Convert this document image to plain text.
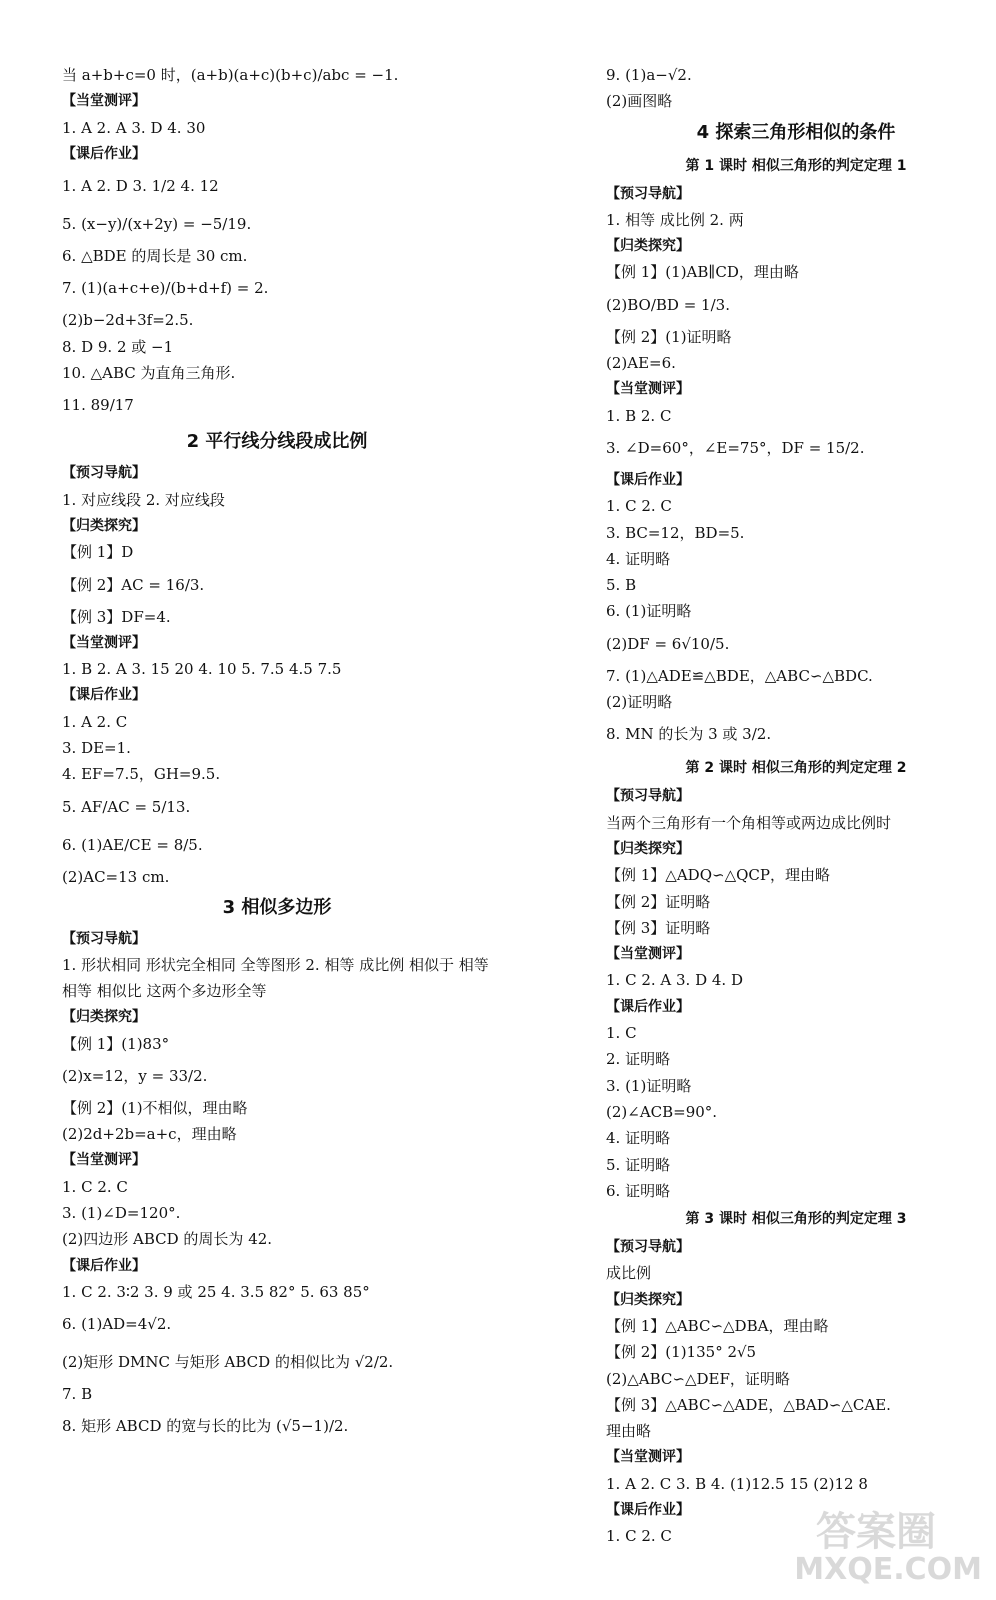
当 a+b+c=0 时，(a+b)(a+c)(b+c)/abc = −1.
【当堂测评】
1. A 2. A 3. D 4. 30
【课后作业】
1. A 2. D 3. 1/2 4. 12
5. (x−y)/(x+2y) = −5/19.
6. △BDE 的周长是 30 cm.
7. (1)(a+c+e)/(b+d+f) = 2.
(2)b−2d+3f=2.5.
8. D 9. 2 或 −1
10. △ABC 为直角三角形.
11. 89/17
2 平行线分线段成比例
【预习导航】
1. 对应线段 2. 对应线段
【归类探究】
【例 1】D
【例 2】AC = 16/3.
【例 3】DF=4.
【当堂测评】
1. B 2. A 3. 15 20 4. 10 5. 7.5 4.5 7.5
【课后作业】
1. A 2. C
3. DE=1.
4. EF=7.5，GH=9.5.
5. AF/AC = 5/13.
6. (1)AE/CE = 8/5.
(2)AC=13 cm.
3 相似多边形
【预习导航】
1. 形状相同 形状完全相同 全等图形 2. 相等 成比例 相似于 相等 相等 相似比 这两个多边形全等
【归类探究】
【例 1】(1)83°
(2)x=12，y = 33/2.
【例 2】(1)不相似，理由略
(2)2d+2b=a+c，理由略
【当堂测评】
1. C 2. C
3. (1)∠D=120°.
(2)四边形 ABCD 的周长为 42.
【课后作业】
1. C 2. 3∶2 3. 9 或 25 4. 3.5 82° 5. 63 85°
6. (1)AD=4√2.
(2)矩形 DMNC 与矩形 ABCD 的相似比为 √2/2.
7. B
8. 矩形 ABCD 的宽与长的比为 (√5−1)/2.
9. (1)a−√2.
(2)画图略
4 探索三角形相似的条件
第 1 课时 相似三角形的判定定理 1
【预习导航】
1. 相等 成比例 2. 两
【归类探究】
【例 1】(1)AB∥CD，理由略
(2)BO/BD = 1/3.
【例 2】(1)证明略
(2)AE=6.
【当堂测评】
1. B 2. C
3. ∠D=60°，∠E=75°，DF = 15/2.
【课后作业】
1. C 2. C
3. BC=12，BD=5.
4. 证明略
5. B
6. (1)证明略
(2)DF = 6√10/5.
7. (1)△ADE≌△BDE，△ABC∽△BDC.
(2)证明略
8. MN 的长为 3 或 3/2.
第 2 课时 相似三角形的判定定理 2
【预习导航】
当两个三角形有一个角相等或两边成比例时
【归类探究】
【例 1】△ADQ∽△QCP，理由略
【例 2】证明略
【例 3】证明略
【当堂测评】
1. C 2. A 3. D 4. D
【课后作业】
1. C
2. 证明略
3. (1)证明略
(2)∠ACB=90°.
4. 证明略
5. 证明略
6. 证明略
第 3 课时 相似三角形的判定定理 3
【预习导航】
成比例
【归类探究】
【例 1】△ABC∽△DBA，理由略
【例 2】(1)135° 2√5
(2)△ABC∽△DEF，证明略
【例 3】△ABC∽△ADE，△BAD∽△CAE.
理由略
【当堂测评】
1. A 2. C 3. B 4. (1)12.5 15 (2)12 8
【课后作业】
1. C 2. C
MXQE.COM
答案圈
